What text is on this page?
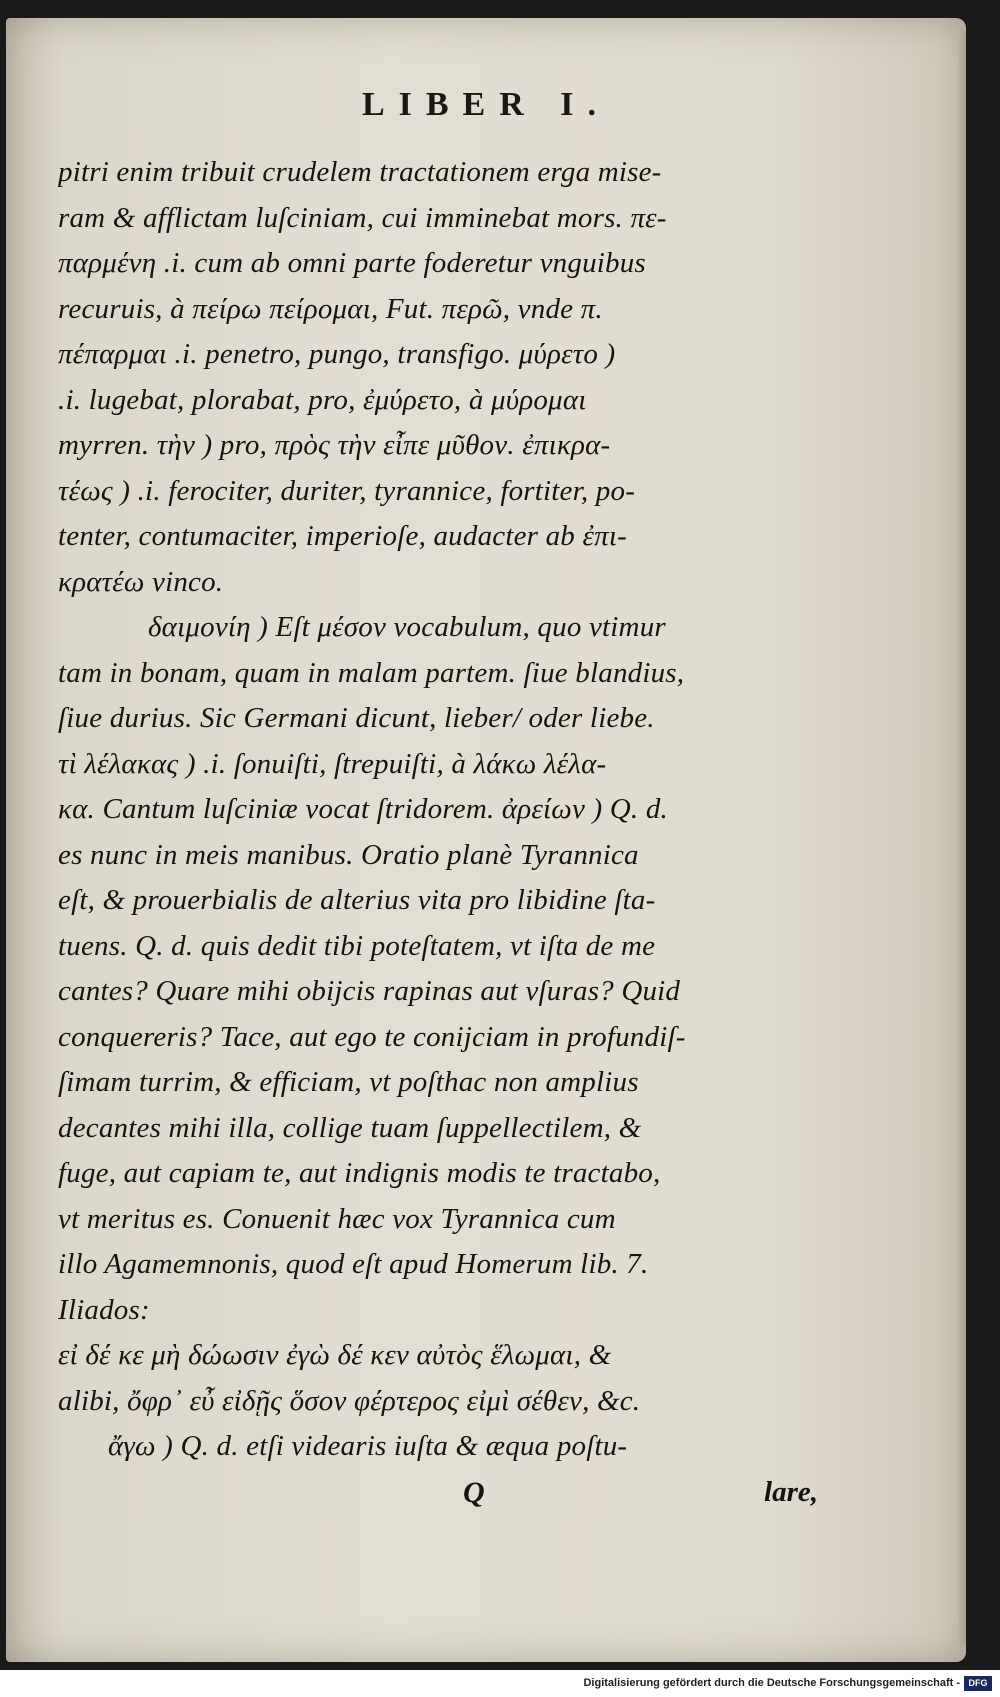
LIBER I.
pitri enim tribuit crudelem tractationem erga mise-
ram & afflictam luſciniam, cui imminebat mors. πε-
παρμένη .i. cum ab omni parte foderetur vnguibus
recuruis, à πείρω πείρομαι, Fut. περῶ, vnde π.
πέπαρμαι .i. penetro, pungo, transfigo. μύρετο )
.i. lugebat, plorabat, pro, ἐμύρετο, à μύρομαι
myrren. τὴν ) pro, πρὸς τὴν εἶπε μῦθον. ἐπικρα-
τέως ) .i. ferociter, duriter, tyrannice, fortiter, po-
tenter, contumaciter, imperioſe, audacter ab ἐπι-
κρατέω vinco.
δαιμονίη ) Eſt μέσον vocabulum, quo vtimur
tam in bonam, quam in malam partem. ſiue blandius,
ſiue durius. Sic Germani dicunt, lieber/ oder liebe.
τὶ λέλακας ) .i. ſonuiſti, ſtrepuiſti, à λάκω λέλα-
κα. Cantum luſciniæ vocat ſtridorem. ἀρείων ) Q. d.
es nunc in meis manibus. Oratio planè Tyrannica
eſt, & prouerbialis de alterius vita pro libidine ſta-
tuens. Q. d. quis dedit tibi poteſtatem, vt iſta de me
cantes? Quare mihi obijcis rapinas aut vſuras? Quid
conquereris? Tace, aut ego te conijciam in profundiſ-
ſimam turrim, & efficiam, vt poſthac non amplius
decantes mihi illa, collige tuam ſuppellectilem, &
fuge, aut capiam te, aut indignis modis te tractabo,
vt meritus es. Conuenit hæc vox Tyrannica cum
illo Agamemnonis, quod eſt apud Homerum lib. 7.
Iliados:
εἰ δέ κε μὴ δώωσιν ἐγὼ δέ κεν αὐτὸς ἕλωμαι, &
alibi, ὄφρ᾽ εὖ εἰδῇς ὅσον φέρτερος εἰμὶ σέθεν, &c.
ἄγω ) Q. d. etſi videaris iuſta & æqua poſtu-
Q	lare,
Digitalisierung gefördert durch die Deutsche Forschungsgemeinschaft - DFG
